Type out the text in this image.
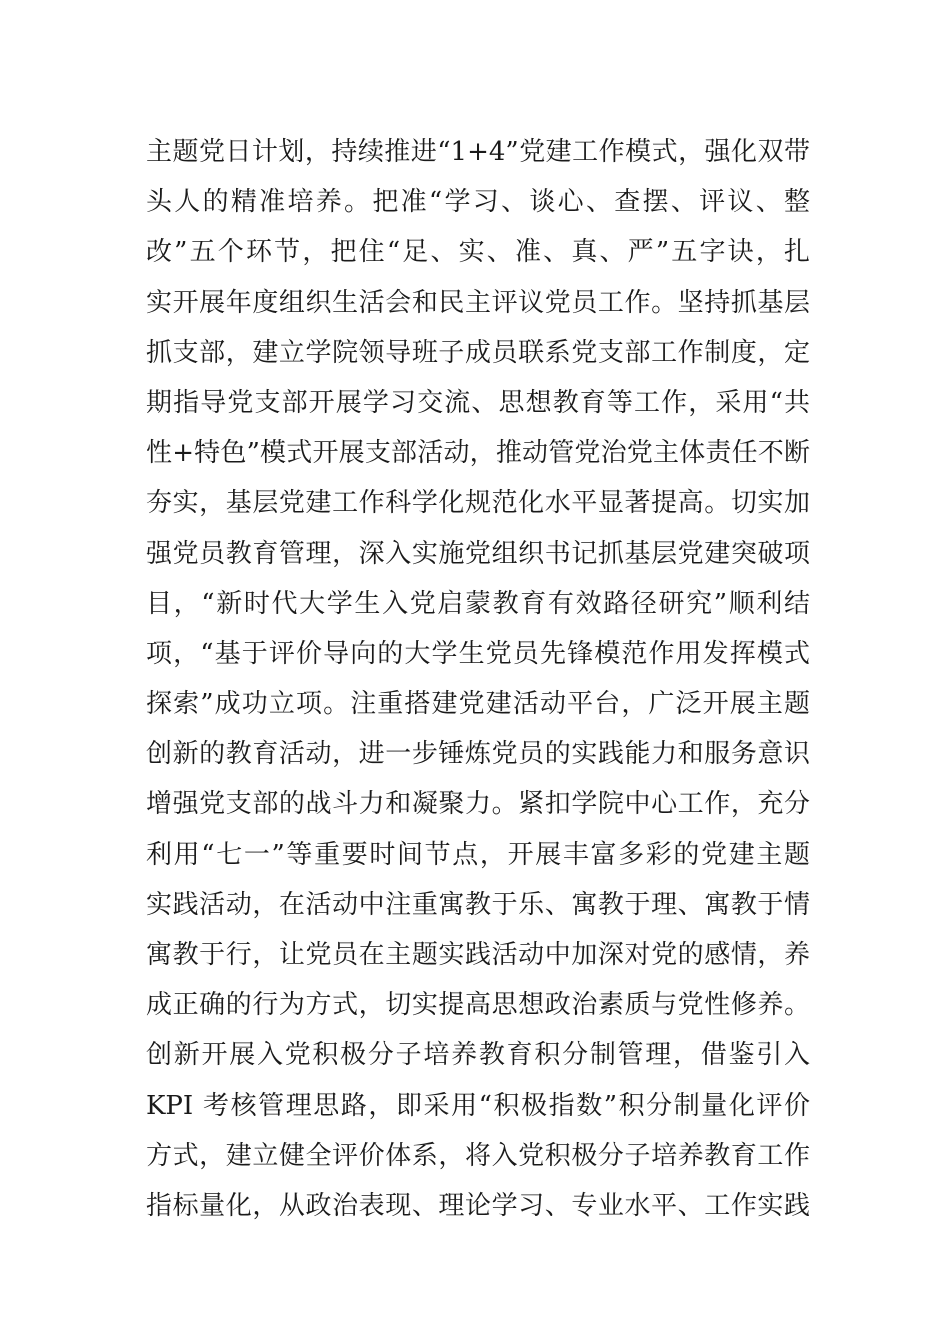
主题党日计划，持续推进“1+4”党建工作模式，强化双带
头人的精准培养。把准“学习、谈心、查摆、评议、整
改”五个环节，把住“足、实、准、真、严”五字诀，扎
实开展年度组织生活会和民主评议党员工作。坚持抓基层
抓支部，建立学院领导班子成员联系党支部工作制度，定
期指导党支部开展学习交流、思想教育等工作，采用“共
性+特色”模式开展支部活动，推动管党治党主体责任不断
夯实，基层党建工作科学化规范化水平显著提高。切实加
强党员教育管理，深入实施党组织书记抓基层党建突破项
目，“新时代大学生入党启蒙教育有效路径研究”顺利结
项，“基于评价导向的大学生党员先锋模范作用发挥模式
探索”成功立项。注重搭建党建活动平台，广泛开展主题
创新的教育活动，进一步锤炼党员的实践能力和服务意识
增强党支部的战斗力和凝聚力。紧扣学院中心工作，充分
利用“七一”等重要时间节点，开展丰富多彩的党建主题
实践活动，在活动中注重寓教于乐、寓教于理、寓教于情
寓教于行，让党员在主题实践活动中加深对党的感情，养
成正确的行为方式，切实提高思想政治素质与党性修养。
创新开展入党积极分子培养教育积分制管理，借鉴引入
KPI 考核管理思路，即采用“积极指数”积分制量化评价
方式，建立健全评价体系，将入党积极分子培养教育工作
指标量化，从政治表现、理论学习、专业水平、工作实践
